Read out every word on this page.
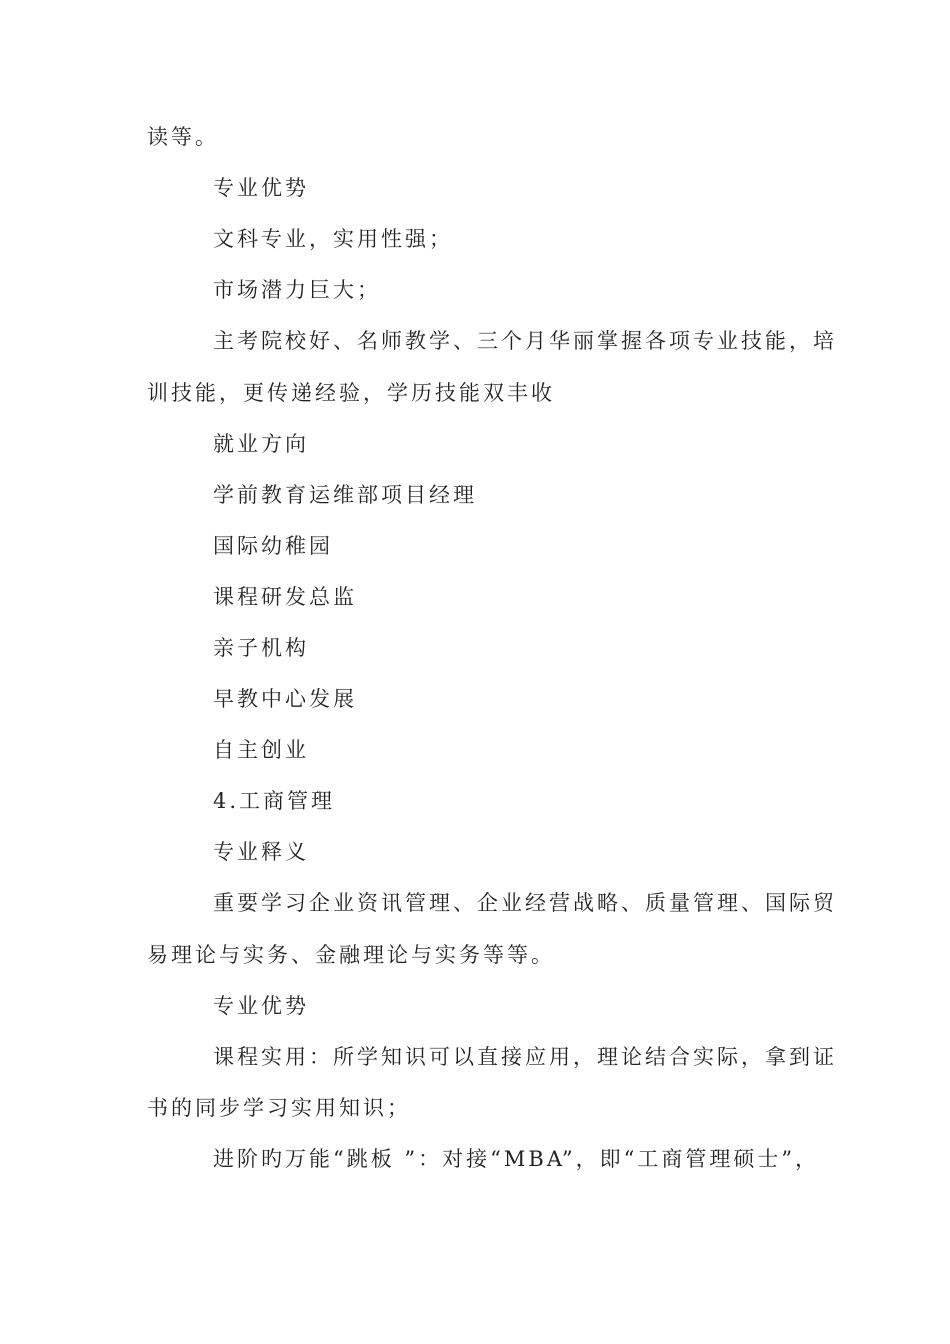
读等。
专业优势
文科专业，实用性强；
市场潜力巨大；
主考院校好、名师教学、三个月华丽掌握各项专业技能，培
训技能，更传递经验，学历技能双丰收
就业方向
学前教育运维部项目经理
国际幼稚园
课程研发总监
亲子机构
早教中心发展
自主创业
4.工商管理
专业释义
重要学习企业资讯管理、企业经营战略、质量管理、国际贸
易理论与实务、金融理论与实务等等。
专业优势
课程实用：所学知识可以直接应用，理论结合实际，拿到证
书的同步学习实用知识；
进阶旳万能“跳板 ”：对接“MBA”，即“工商管理硕士”，
